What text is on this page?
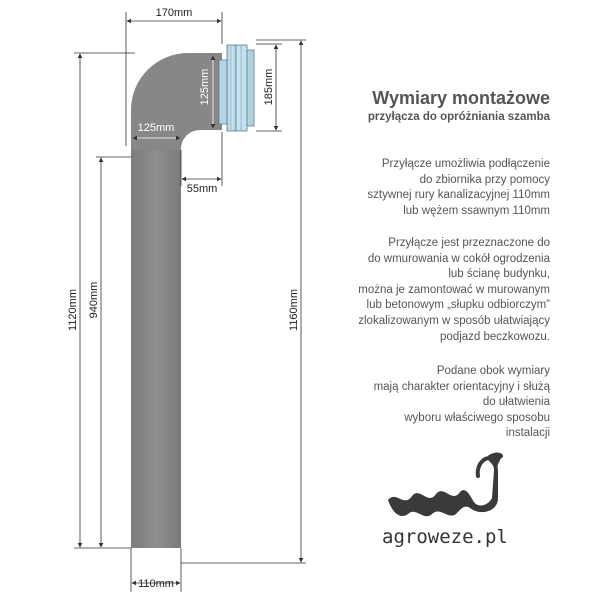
170mm
185mm
125mm
125mm
55mm
940mm
1120mm	1160mm
110mm
Wymiary montażowe

przyłącza do opróżniania szamba

Przyłącze umożliwia podłączenie
do zbiornika przy pomocy
sztywnej rury kanalizacyjnej 110mm
lub wężem ssawnym 110mm

Przyłącze jest przeznaczone do
do wmurowania w cokół ogrodzenia
lub ścianę budynku,
można je zamontować w murowanym
lub betonowym „słupku odbiorczym”
zlokalizowanym w sposób ułatwiający
podjazd beczkowozu.

Podane obok wymiary
mają charakter orientacyjny i służą
do ułatwienia
wyboru właściwego sposobu
instalacji

agroweze.pl
